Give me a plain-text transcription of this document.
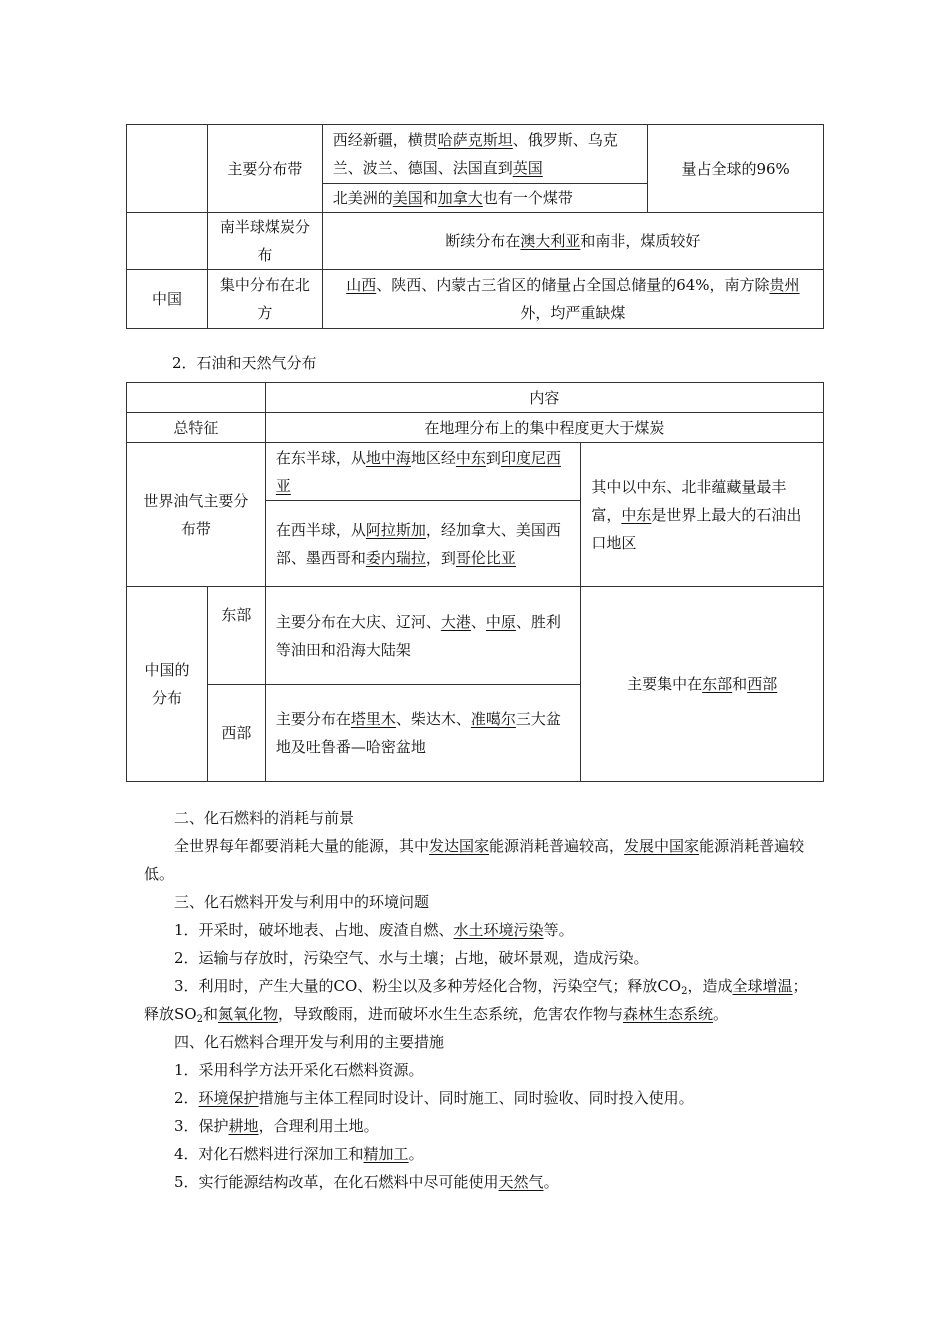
	主要分布带	西经新疆，横贯哈萨克斯坦、俄罗斯、乌克兰、波兰、德国、法国直到英国	量占全球的96%
		北美洲的美国和加拿大也有一个煤带	
	南半球煤炭分布	断续分布在澳大利亚和南非，煤质较好	
中国	集中分布在北方	山西、陕西、内蒙古三省区的储量占全国总储量的64%，南方除贵州外，均严重缺煤	
2．石油和天然气分布
		内容	
总特征		在地理分布上的集中程度更大于煤炭	
世界油气主要分布带		在东半球，从地中海地区经中东到印度尼西亚	其中以中东、北非蕴藏量最丰富，中东是世界上最大的石油出口地区
		在西半球，从阿拉斯加，经加拿大、美国西部、墨西哥和委内瑞拉，到哥伦比亚	
中国的分布	东部	主要分布在大庆、辽河、大港、中原、胜利等油田和沿海大陆架	主要集中在东部和西部
	西部	主要分布在塔里木、柴达木、准噶尔三大盆地及吐鲁番—哈密盆地	

二、化石燃料的消耗与前景

全世界每年都要消耗大量的能源，其中发达国家能源消耗普遍较高，发展中国家能源消耗普遍较低。

三、化石燃料开发与利用中的环境问题

1．开采时，破坏地表、占地、废渣自燃、水土环境污染等。

2．运输与存放时，污染空气、水与土壤；占地，破坏景观，造成污染。

3．利用时，产生大量的CO、粉尘以及多种芳烃化合物，污染空气；释放$CO_2$，造成全球增温；释放$SO_2$和氮氧化物，导致酸雨，进而破坏水生生态系统，危害农作物与森林生态系统。

四、化石燃料合理开发与利用的主要措施

1．采用科学方法开采化石燃料资源。

2．环境保护措施与主体工程同时设计、同时施工、同时验收、同时投入使用。

3．保护耕地，合理利用土地。

4．对化石燃料进行深加工和精加工。

5．实行能源结构改革，在化石燃料中尽可能使用天然气。
